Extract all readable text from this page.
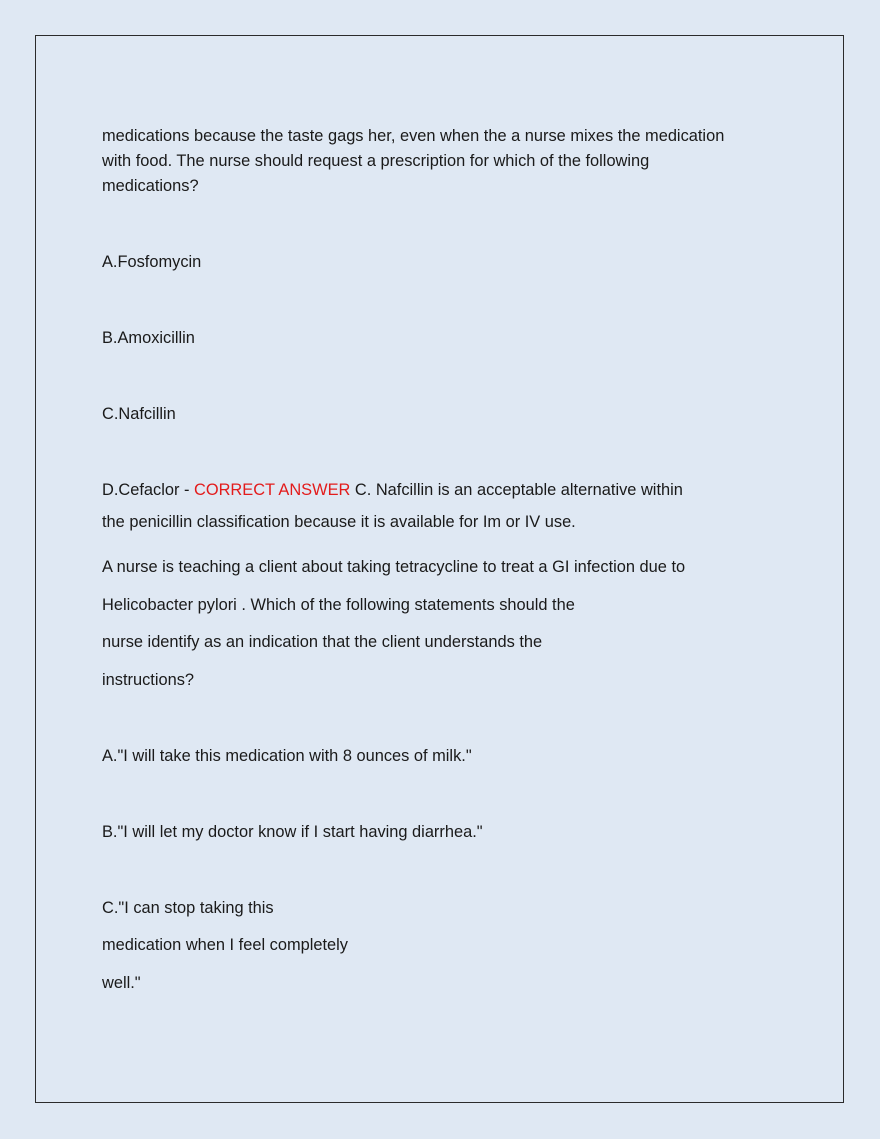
medications because the taste gags her, even when the a nurse mixes the medication
with food. The nurse should request a prescription for which of the following
medications?
A.Fosfomycin
B.Amoxicillin
C.Nafcillin
D.Cefaclor - CORRECT ANSWER C. Nafcillin is an acceptable alternative within
the penicillin classification because it is available for Im or IV use.
A nurse is teaching a client about taking tetracycline to treat a GI infection due to
Helicobacter pylori . Which of the following statements should the
nurse identify as an indication that the client understands the
instructions?
A."I will take this medication with 8 ounces of milk."
B."I will let my doctor know if I start having diarrhea."
C."I can stop taking this
medication when I feel completely
well."
